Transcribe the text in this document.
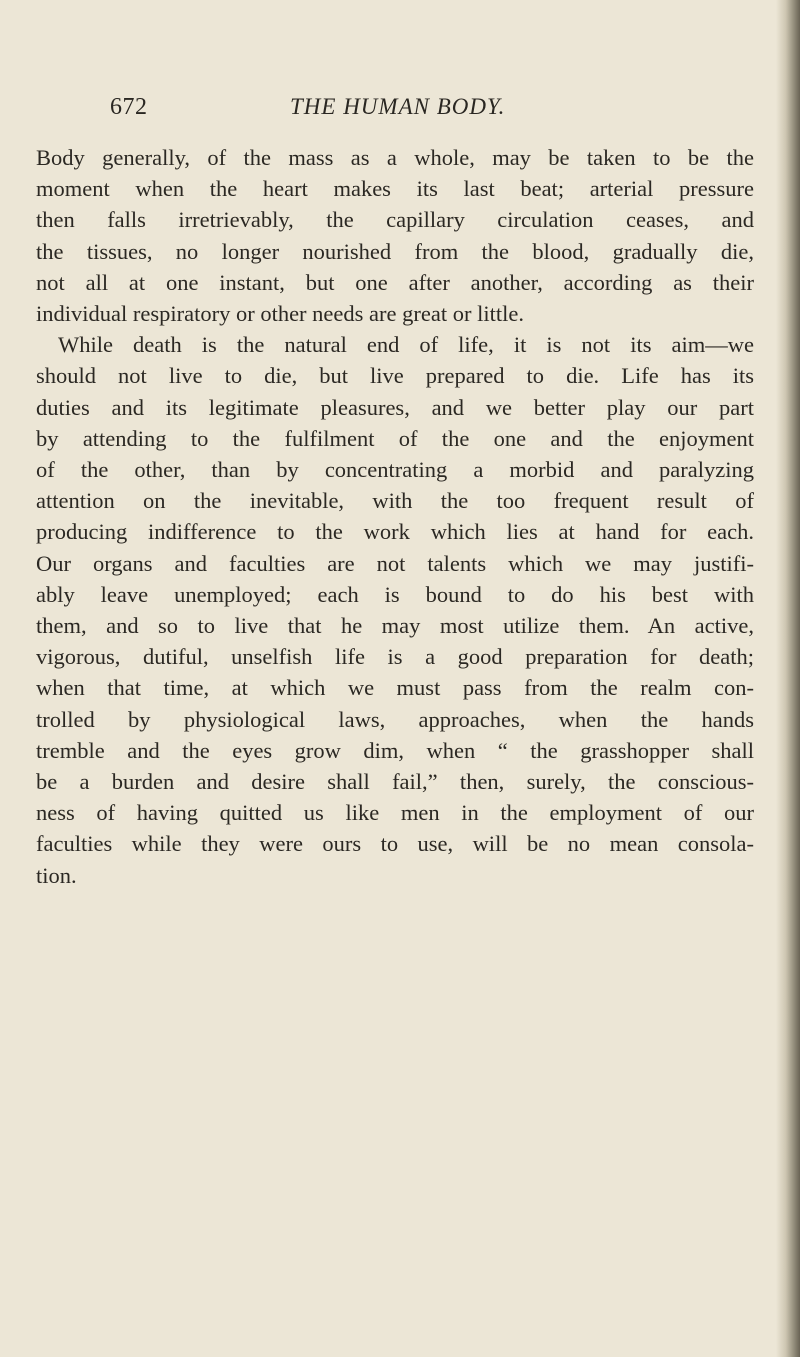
672	THE HUMAN BODY.
Body generally, of the mass as a whole, may be taken to be the
moment when the heart makes its last beat; arterial pressure
then falls irretrievably, the capillary circulation ceases, and
the tissues, no longer nourished from the blood, gradually die,
not all at one instant, but one after another, according as their
individual respiratory or other needs are great or little.
While death is the natural end of life, it is not its aim—we
should not live to die, but live prepared to die. Life has its
duties and its legitimate pleasures, and we better play our part
by attending to the fulfilment of the one and the enjoyment
of the other, than by concentrating a morbid and paralyzing
attention on the inevitable, with the too frequent result of
producing indifference to the work which lies at hand for each.
Our organs and faculties are not talents which we may justifi-
ably leave unemployed; each is bound to do his best with
them, and so to live that he may most utilize them. An active,
vigorous, dutiful, unselfish life is a good preparation for death;
when that time, at which we must pass from the realm con-
trolled by physiological laws, approaches, when the hands
tremble and the eyes grow dim, when “ the grasshopper shall
be a burden and desire shall fail,” then, surely, the conscious-
ness of having quitted us like men in the employment of our
faculties while they were ours to use, will be no mean consola-
tion.
